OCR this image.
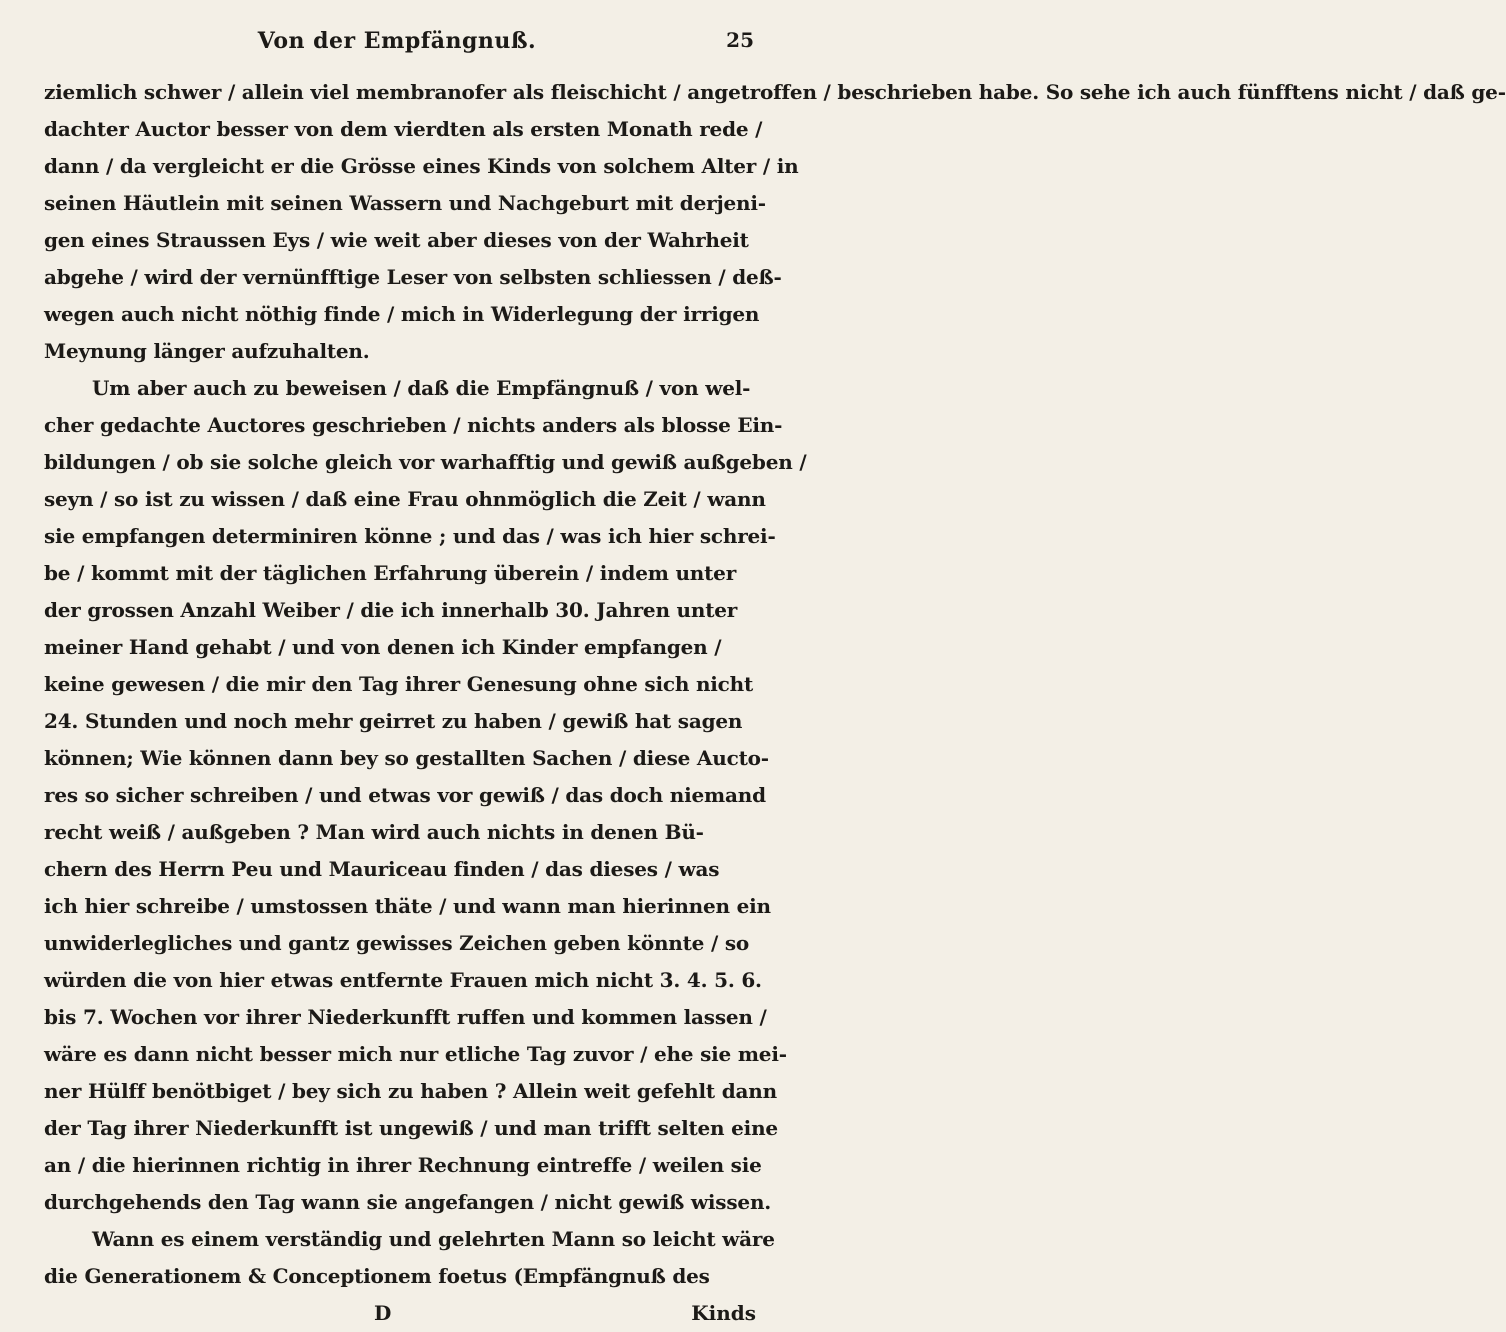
Von der Empfängnuß.	25
ziemlich schwer / allein viel membranofer als fleischicht / angetroffen / beschrieben habe. So sehe ich auch fünfftens nicht / daß ge-
dachter Auctor besser von dem vierdten als ersten Monath rede /
dann / da vergleicht er die Grösse eines Kinds von solchem Alter / in
seinen Häutlein mit seinen Wassern und Nachgeburt mit derjeni-
gen eines Straussen Eys / wie weit aber dieses von der Wahrheit
abgehe / wird der vernünfftige Leser von selbsten schliessen / deß-
wegen auch nicht nöthig finde / mich in Widerlegung der irrigen
Meynung länger aufzuhalten.
Um aber auch zu beweisen / daß die Empfängnuß / von wel-
cher gedachte Auctores geschrieben / nichts anders als blosse Ein-
bildungen / ob sie solche gleich vor warhafftig und gewiß außgeben /
seyn / so ist zu wissen / daß eine Frau ohnmöglich die Zeit / wann
sie empfangen determiniren könne ; und das / was ich hier schrei-
be / kommt mit der täglichen Erfahrung überein / indem unter
der grossen Anzahl Weiber / die ich innerhalb 30. Jahren unter
meiner Hand gehabt / und von denen ich Kinder empfangen /
keine gewesen / die mir den Tag ihrer Genesung ohne sich nicht
24. Stunden und noch mehr geirret zu haben / gewiß hat sagen
können; Wie können dann bey so gestallten Sachen / diese Aucto-
res so sicher schreiben / und etwas vor gewiß / das doch niemand
recht weiß / außgeben ? Man wird auch nichts in denen Bü-
chern des Herrn Peu und Mauriceau finden / das dieses / was
ich hier schreibe / umstossen thäte / und wann man hierinnen ein
unwiderlegliches und gantz gewisses Zeichen geben könnte / so
würden die von hier etwas entfernte Frauen mich nicht 3. 4. 5. 6.
bis 7. Wochen vor ihrer Niederkunfft ruffen und kommen lassen /
wäre es dann nicht besser mich nur etliche Tag zuvor / ehe sie mei-
ner Hülff benötbiget / bey sich zu haben ? Allein weit gefehlt dann
der Tag ihrer Niederkunfft ist ungewiß / und man trifft selten eine
an / die hierinnen richtig in ihrer Rechnung eintreffe / weilen sie
durchgehends den Tag wann sie angefangen / nicht gewiß wissen.
Wann es einem verständig und gelehrten Mann so leicht wäre
die Generationem & Conceptionem foetus (Empfängnuß des
D	Kinds
